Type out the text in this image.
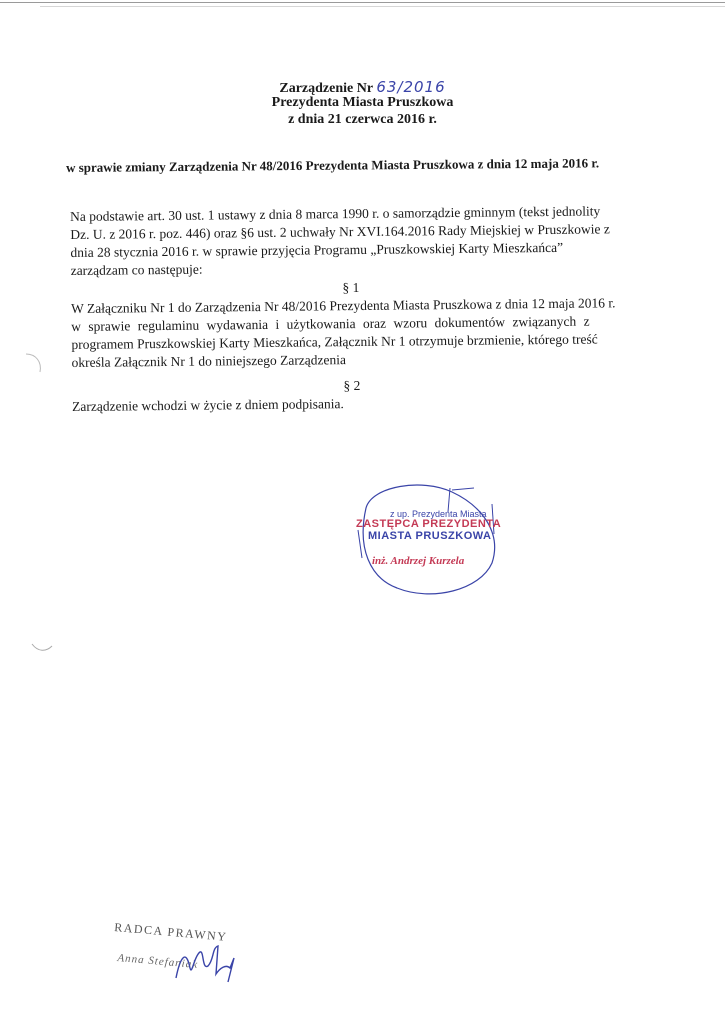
Zarządzenie Nr 63/2016
Prezydenta Miasta Pruszkowa
z dnia 21 czerwca 2016 r.
w sprawie zmiany Zarządzenia Nr 48/2016 Prezydenta Miasta Pruszkowa z dnia 12 maja 2016 r.
Na podstawie art. 30 ust. 1 ustawy z dnia 8 marca 1990 r. o samorządzie gminnym (tekst jednolity
Dz. U. z 2016 r. poz. 446) oraz §6 ust. 2 uchwały Nr XVI.164.2016 Rady Miejskiej w Pruszkowie z
dnia 28 stycznia 2016 r. w sprawie przyjęcia Programu „Pruszkowskiej Karty Mieszkańca”
zarządzam co następuje:
§ 1
W Załączniku Nr 1 do Zarządzenia Nr 48/2016 Prezydenta Miasta Pruszkowa z dnia 12 maja 2016 r.
w sprawie regulaminu wydawania i użytkowania oraz wzoru dokumentów związanych z
programem Pruszkowskiej Karty Mieszkańca, Załącznik Nr 1 otrzymuje brzmienie, którego treść
określa Załącznik Nr 1 do niniejszego Zarządzenia
§ 2
Zarządzenie wchodzi w życie z dniem podpisania.
z up. Prezydenta Miasta
ZASTĘPCA PREZYDENTA
MIASTA PRUSZKOWA
inż. Andrzej Kurzela
RADCA PRAWNY
Anna Stefaniak
